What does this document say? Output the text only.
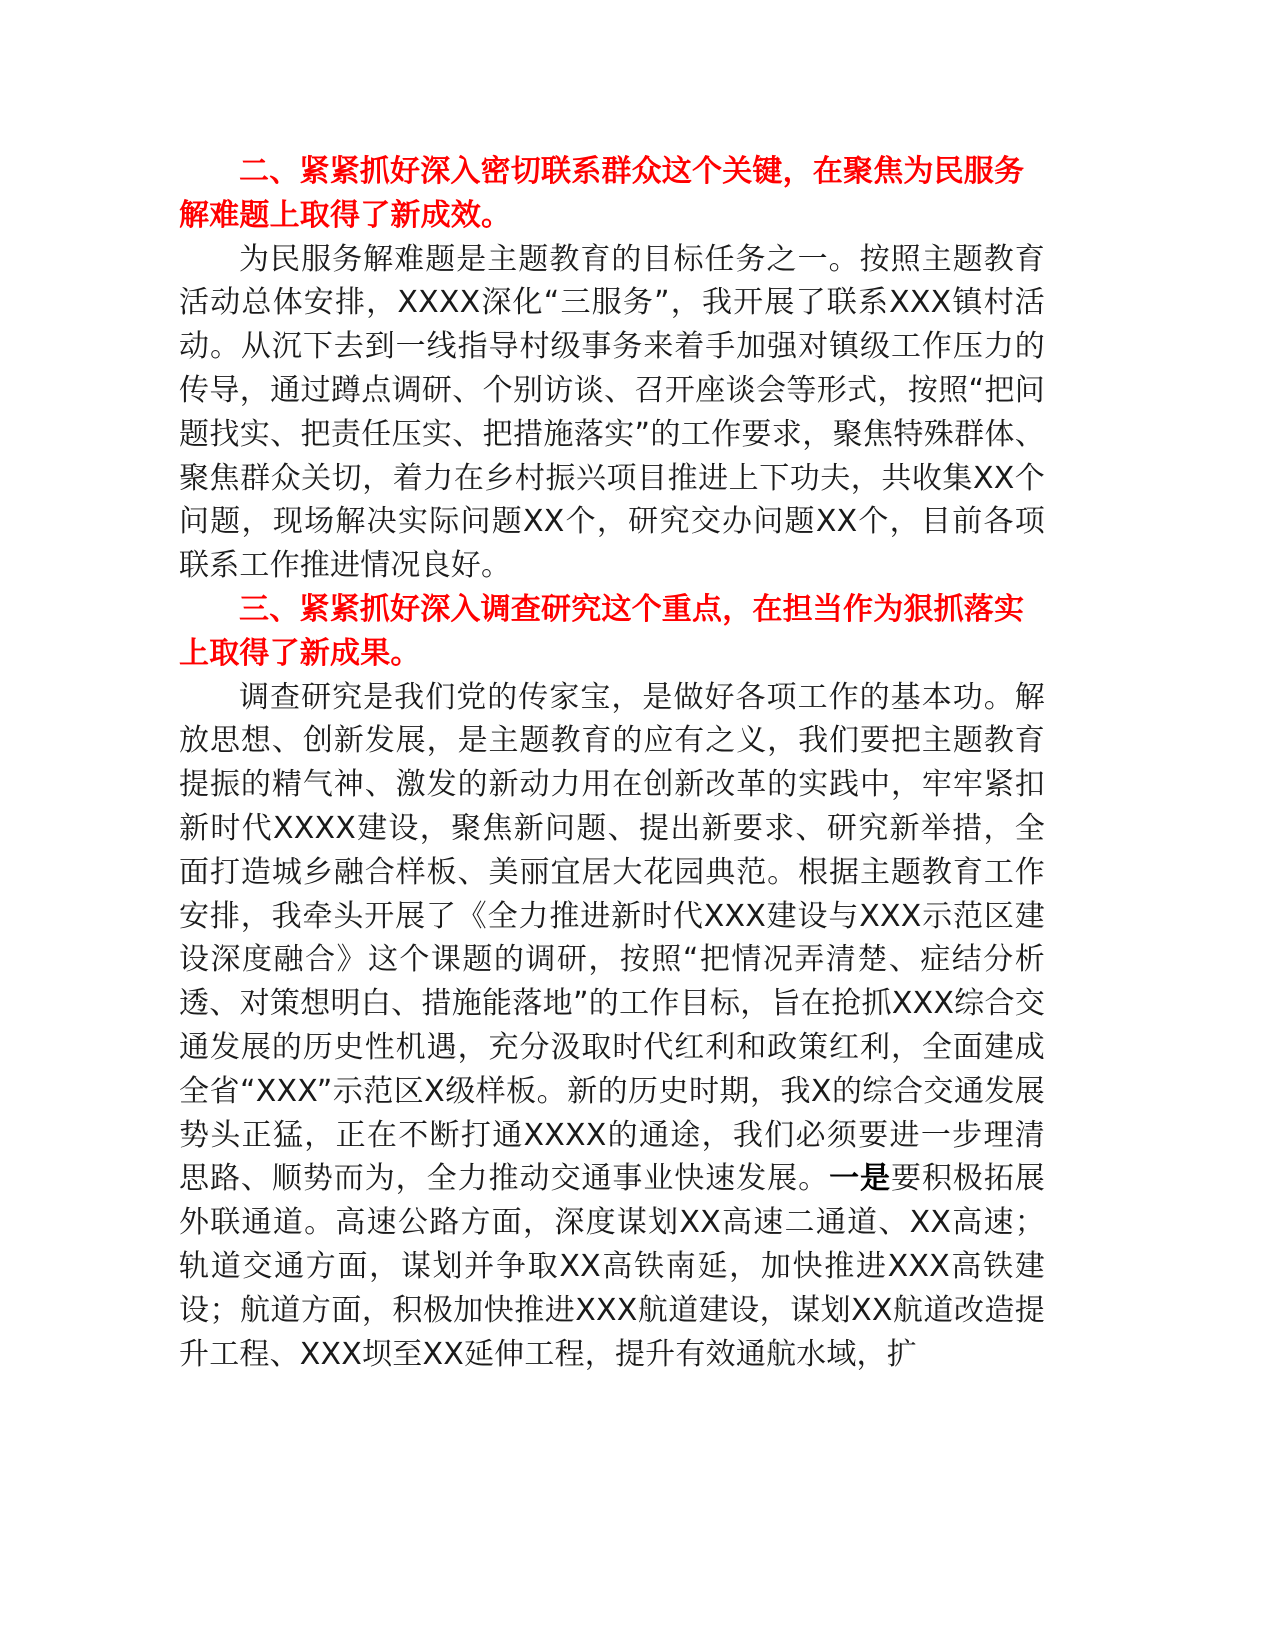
二、紧紧抓好深入密切联系群众这个关键，在聚焦为民服务解难题上取得了新成效。

为民服务解难题是主题教育的目标任务之一。按照主题教育活动总体安排，XXXX深化“三服务”，我开展了联系XXX镇村活动。从沉下去到一线指导村级事务来着手加强对镇级工作压力的传导，通过蹲点调研、个别访谈、召开座谈会等形式，按照“把问题找实、把责任压实、把措施落实”的工作要求，聚焦特殊群体、聚焦群众关切，着力在乡村振兴项目推进上下功夫，共收集XX个问题，现场解决实际问题XX个，研究交办问题XX个，目前各项联系工作推进情况良好。

三、紧紧抓好深入调查研究这个重点，在担当作为狠抓落实上取得了新成果。

调查研究是我们党的传家宝，是做好各项工作的基本功。解放思想、创新发展，是主题教育的应有之义，我们要把主题教育提振的精气神、激发的新动力用在创新改革的实践中，牢牢紧扣新时代XXXX建设，聚焦新问题、提出新要求、研究新举措，全面打造城乡融合样板、美丽宜居大花园典范。根据主题教育工作安排，我牵头开展了《全力推进新时代XXX建设与XXX示范区建设深度融合》这个课题的调研，按照“把情况弄清楚、症结分析透、对策想明白、措施能落地”的工作目标，旨在抢抓XXX综合交通发展的历史性机遇，充分汲取时代红利和政策红利，全面建成全省“XXX”示范区X级样板。新的历史时期，我X的综合交通发展势头正猛，正在不断打通XXXX的通途，我们必须要进一步理清思路、顺势而为，全力推动交通事业快速发展。一是要积极拓展外联通道。高速公路方面，深度谋划XX高速二通道、XX高速；轨道交通方面，谋划并争取XX高铁南延，加快推进XXX高铁建设；航道方面，积极加快推进XXX航道建设，谋划XX航道改造提升工程、XXX坝至XX延伸工程，提升有效通航水域，扩
